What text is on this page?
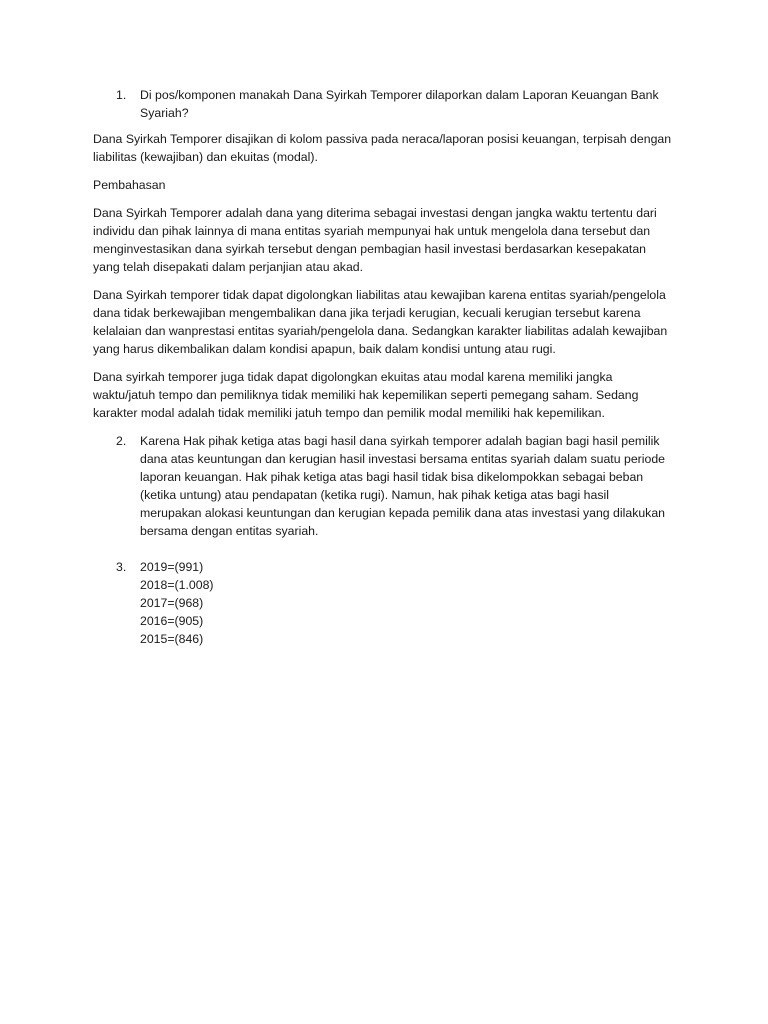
1.	Di pos/komponen manakah Dana Syirkah Temporer dilaporkan dalam Laporan Keuangan Bank Syariah?

Dana Syirkah Temporer disajikan di kolom passiva pada neraca/laporan posisi keuangan, terpisah dengan liabilitas (kewajiban) dan ekuitas (modal).

Pembahasan

Dana Syirkah Temporer adalah dana yang diterima sebagai investasi dengan jangka waktu tertentu dari individu dan pihak lainnya di mana entitas syariah mempunyai hak untuk mengelola dana tersebut dan menginvestasikan dana syirkah tersebut dengan pembagian hasil investasi berdasarkan kesepakatan yang telah disepakati dalam perjanjian atau akad.

Dana Syirkah temporer tidak dapat digolongkan liabilitas atau kewajiban karena entitas syariah/pengelola dana tidak berkewajiban mengembalikan dana jika terjadi kerugian, kecuali kerugian tersebut karena kelalaian dan wanprestasi entitas syariah/pengelola dana. Sedangkan karakter liabilitas adalah kewajiban yang harus dikembalikan dalam kondisi apapun, baik dalam kondisi untung atau rugi.

Dana syirkah temporer juga tidak dapat digolongkan ekuitas atau modal karena memiliki jangka waktu/jatuh tempo dan pemiliknya tidak memiliki hak kepemilikan seperti pemegang saham. Sedang karakter modal adalah tidak memiliki jatuh tempo dan pemilik modal memiliki hak kepemilikan.

2.	Karena Hak pihak ketiga atas bagi hasil dana syirkah temporer adalah bagian bagi hasil pemilik dana atas keuntungan dan kerugian hasil investasi bersama entitas syariah dalam suatu periode laporan keuangan. Hak pihak ketiga atas bagi hasil tidak bisa dikelompokkan sebagai beban (ketika untung) atau pendapatan (ketika rugi). Namun, hak pihak ketiga atas bagi hasil merupakan alokasi keuntungan dan kerugian kepada pemilik dana atas investasi yang dilakukan bersama dengan entitas syariah.
3.	2019=(991)
2018=(1.008)
2017=(968)
2016=(905)
2015=(846)
